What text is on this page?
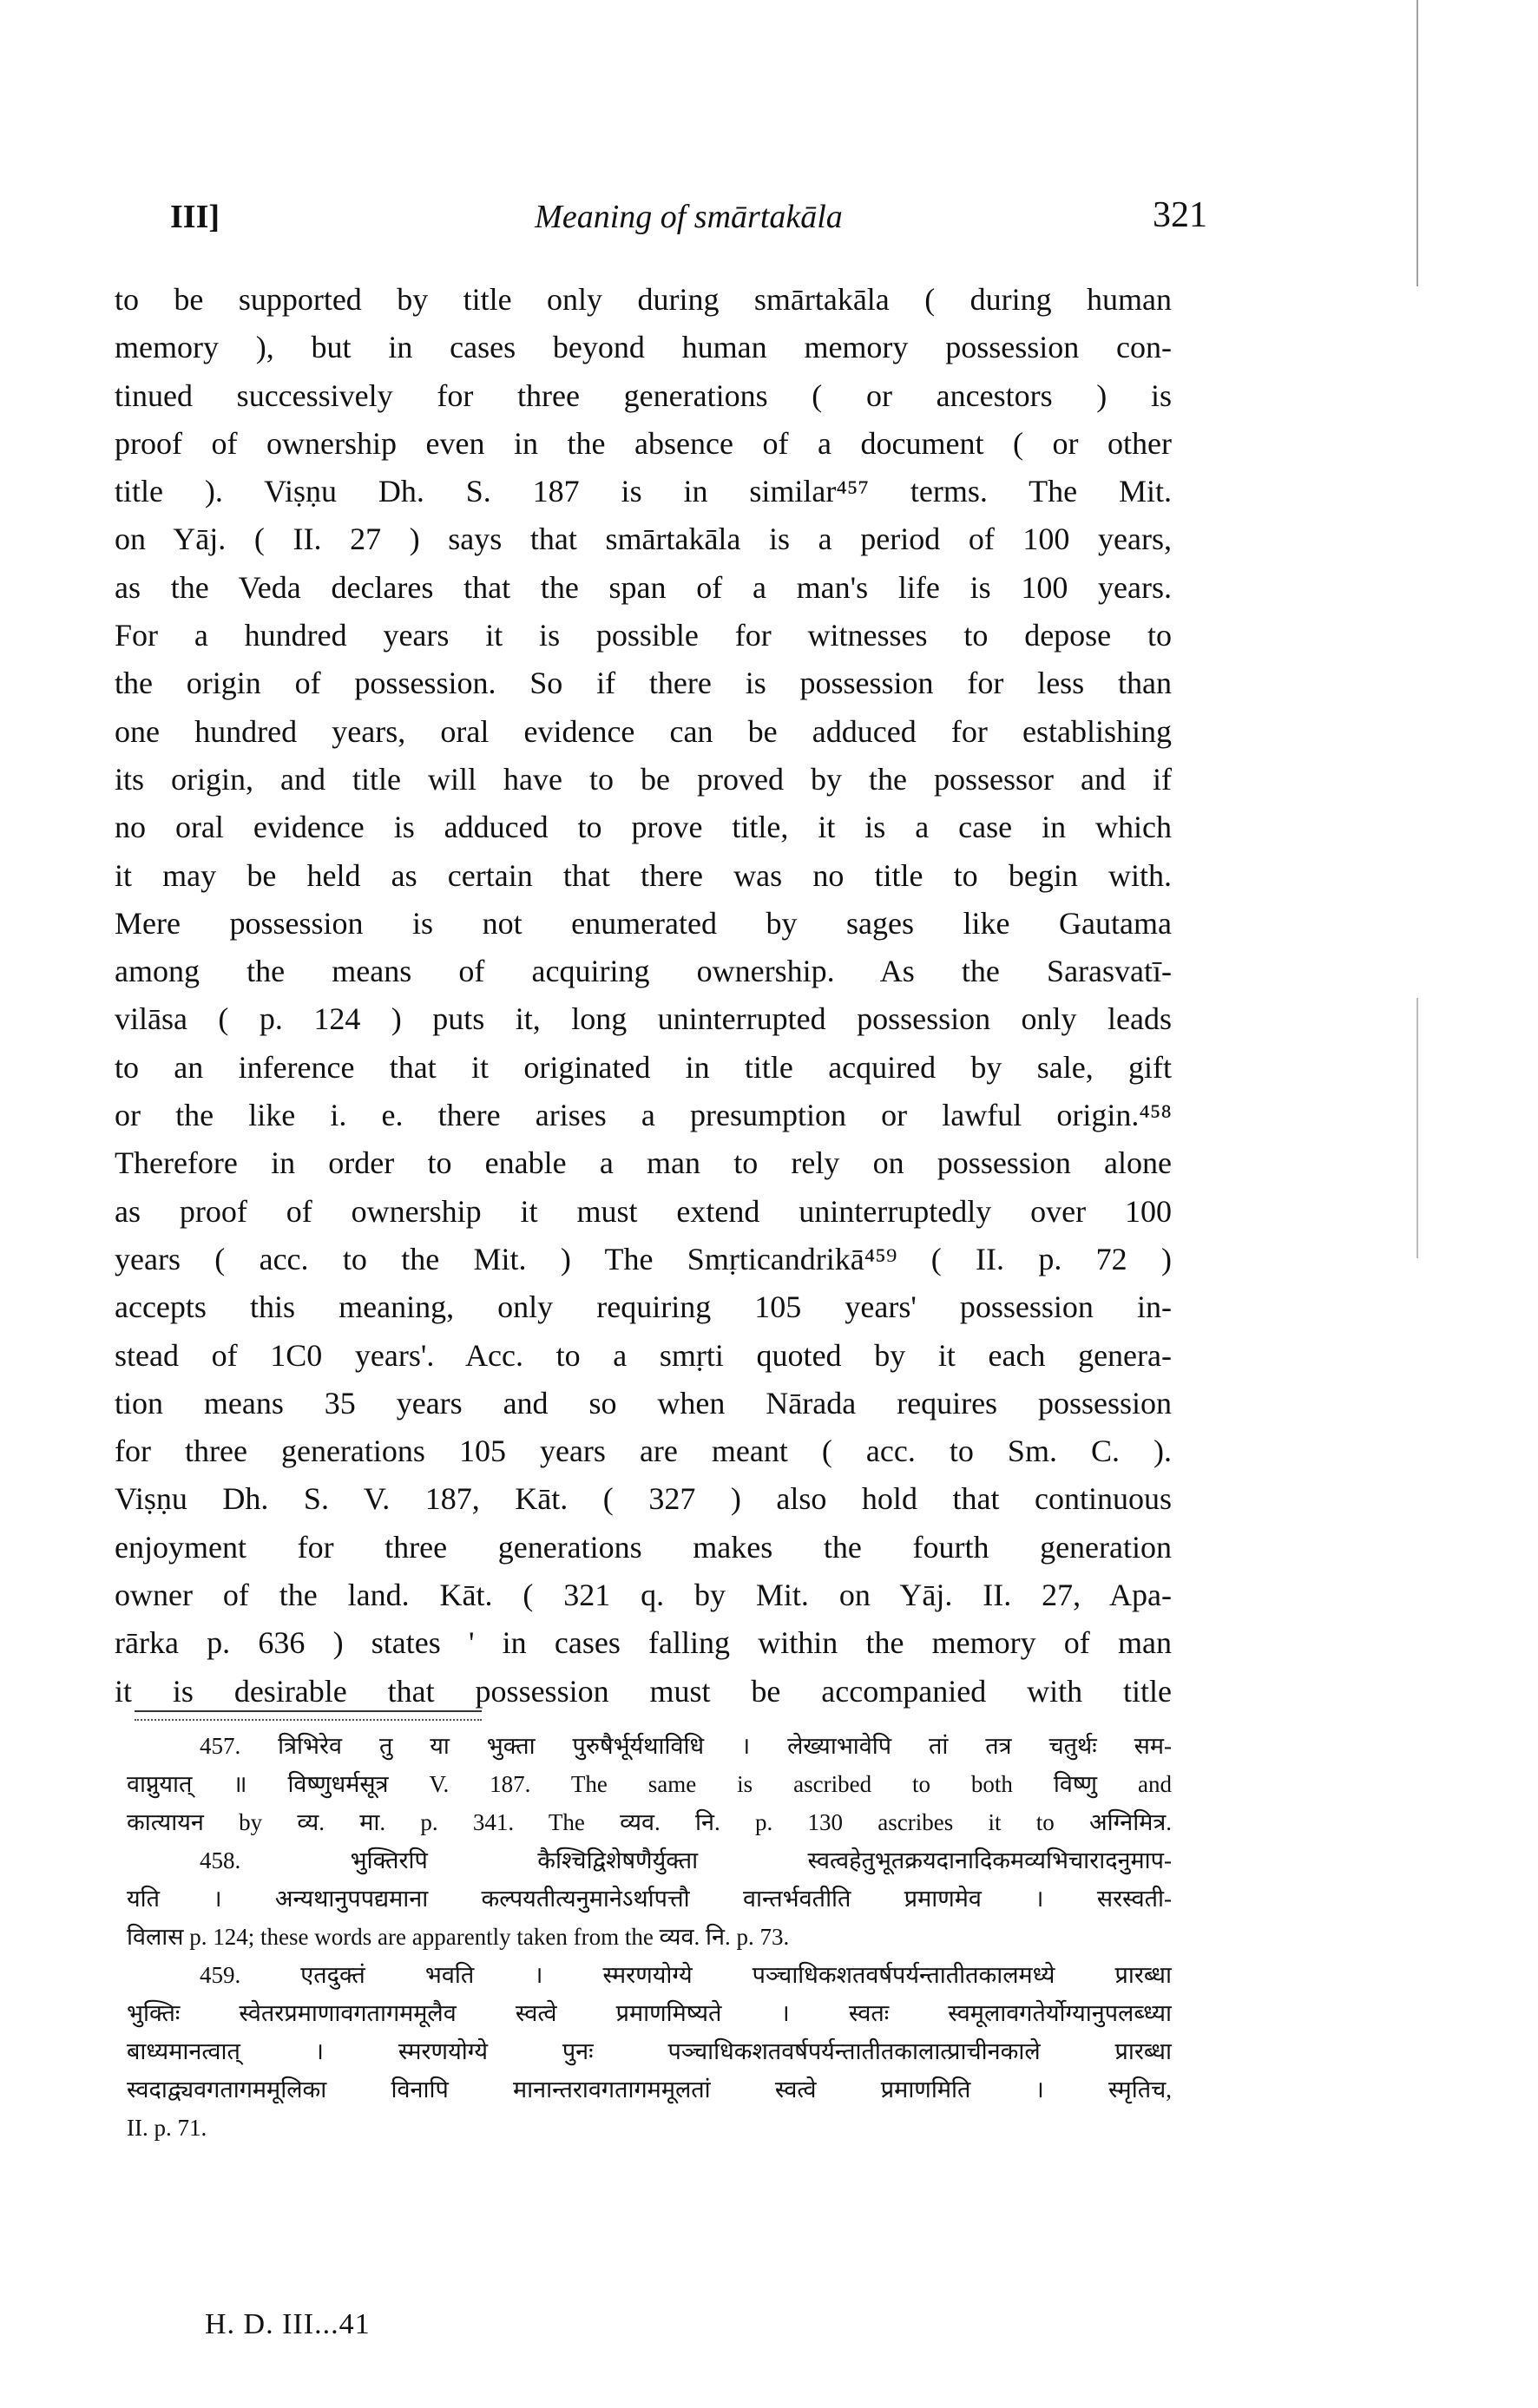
III]	Meaning of smārtakāla	321
to be supported by title only during smārtakāla ( during human
memory ), but in cases beyond human memory possession con-
tinued successively for three generations ( or ancestors ) is
proof of ownership even in the absence of a document ( or other
title ). Viṣṇu Dh. S. 187 is in similar⁴⁵⁷ terms. The Mit.
on Yāj. ( II. 27 ) says that smārtakāla is a period of 100 years,
as the Veda declares that the span of a man's life is 100 years.
For a hundred years it is possible for witnesses to depose to
the origin of possession. So if there is possession for less than
one hundred years, oral evidence can be adduced for establishing
its origin, and title will have to be proved by the possessor and if
no oral evidence is adduced to prove title, it is a case in which
it may be held as certain that there was no title to begin with.
Mere possession is not enumerated by sages like Gautama
among the means of acquiring ownership. As the Sarasvatī-
vilāsa ( p. 124 ) puts it, long uninterrupted possession only leads
to an inference that it originated in title acquired by sale, gift
or the like i. e. there arises a presumption or lawful origin.⁴⁵⁸
Therefore in order to enable a man to rely on possession alone
as proof of ownership it must extend uninterruptedly over 100
years ( acc. to the Mit. ) The Smṛticandrikā⁴⁵⁹ ( II. p. 72 )
accepts this meaning, only requiring 105 years' possession in-
stead of 1C0 years'. Acc. to a smṛti quoted by it each genera-
tion means 35 years and so when Nārada requires possession
for three generations 105 years are meant ( acc. to Sm. C. ).
Viṣṇu Dh. S. V. 187, Kāt. ( 327 ) also hold that continuous
enjoyment for three generations makes the fourth generation
owner of the land. Kāt. ( 321 q. by Mit. on Yāj. II. 27, Apa-
rārka p. 636 ) states ' in cases falling within the memory of man
it is desirable that possession must be accompanied with title
457. त्रिभिरेव तु या भुक्ता पुरुषैर्भूर्यथाविधि । लेख्याभावेपि तां तत्र चतुर्थः सम-
वाप्नुयात् ॥ विष्णुधर्मसूत्र V. 187. The same is ascribed to both विष्णु and
कात्यायन by व्य. मा. p. 341. The व्यव. नि. p. 130 ascribes it to अग्निमित्र.
458. भुक्तिरपि कैश्चिद्विशेषणैर्युक्ता स्वत्वहेतुभूतक्रयदानादिकमव्यभिचारादनुमाप-
यति । अन्यथानुपपद्यमाना कल्पयतीत्यनुमानेऽर्थापत्तौ वान्तर्भवतीति प्रमाणमेव । सरस्वती-
विलास p. 124; these words are apparently taken from the व्यव. नि. p. 73.
459. एतदुक्तं भवति । स्मरणयोग्ये पञ्चाधिकशतवर्षपर्यन्तातीतकालमध्ये प्रारब्धा
भुक्तिः स्वेतरप्रमाणावगतागममूलैव स्वत्वे प्रमाणमिष्यते । स्वतः स्वमूलावगतेर्योग्यानुपलब्ध्या
बाध्यमानत्वात् । स्मरणयोग्ये पुनः पञ्चाधिकशतवर्षपर्यन्तातीतकालात्प्राचीनकाले प्रारब्धा
स्वदाद्व्यवगतागममूलिका विनापि मानान्तरावगतागममूलतां स्वत्वे प्रमाणमिति । स्मृतिच,
II. p. 71.
H. D. III...41
